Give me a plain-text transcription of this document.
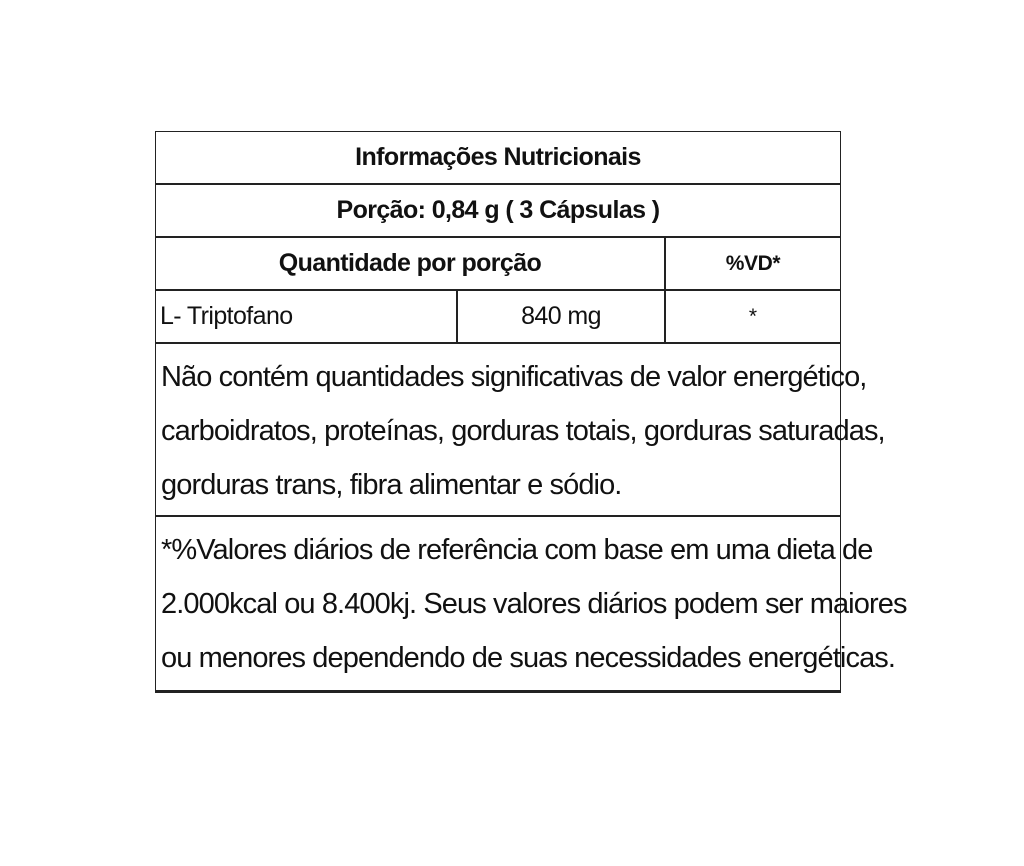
Informações Nutricionais
Porção: 0,84 g ( 3 Cápsulas )
Quantidade por porção	%VD*
L- Triptofano	840 mg	*

Não contém quantidades significativas de valor energético,

carboidratos, proteínas, gorduras totais, gorduras saturadas,

gorduras trans, fibra alimentar e sódio.

*%Valores diários de referência com base em uma dieta de

2.000kcal ou 8.400kj. Seus valores diários podem ser maiores

ou menores dependendo de suas necessidades energéticas.
